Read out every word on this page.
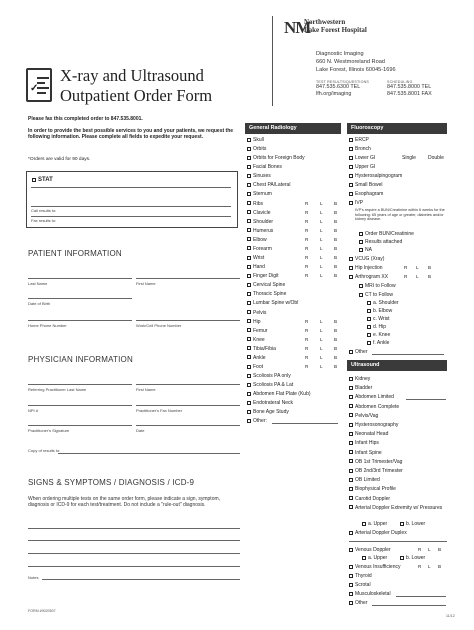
✓
X-ray and Ultrasound
Outpatient Order Form
NM
Northwestern
Lake Forest Hospital
Diagnostic Imaging
660 N. Westmoreland Road
Lake Forest, Illinois 60045-1696
TEST RESULTS/QUESTIONS
847.535.6300 TEL
lfh.org/imaging
SCHEDULING
847.535.8000 TEL
847.535.8001 FAX
Please fax this completed order to 847.535.8001.
In order to provide the best possible services to you and your patients, we request the following information. Please complete all fields to expedite your request.
*Orders are valid for 90 days.
STAT
Call results to:
Fax results to:
PATIENT INFORMATION
Last Name	First Name
Date of Birth
Home Phone Number	Work/Cell Phone Number
PHYSICIAN INFORMATION
Referring Practitioner Last Name	First Name
NPI #	Practitioner's Fax Number
Practitioner's Signature	Date
Copy of results to:
SIGNS & SYMPTOMS / DIAGNOSIS / ICD-9
When ordering multiple tests on the same order form, please indicate a sign, symptom, diagnosis or ICD-9 for each test/treatment. Do not include a "rule-out" diagnosis.
Notes
FORM #9020507
11/12
General Radiology
Skull
Orbits
Orbits for Foreign Body
Facial Bones
Sinuses
Chest PA/Lateral
Sternum
Ribs	R	L B
Clavicle	R	L B
Shoulder	R	L B
Humerus	R	L B
Elbow	R	L B
Forearm	R	L B
Wrist	R	L B
Hand	R	L B
Finger Digit	R	L B
Cervical Spine
Thoracic Spine
Lumbar Spine w/Obl
Pelvis
Hip	R	L B
Femur	R	L B
Knee	R	L B
Tibia/Fibia	R	L B
Ankle	R	L B
Foot	R	L B
Scoliosis PA only
Scoliosis PA & Lat
Abdomen Flat Plate (Kub)
Endotrateral Neck
Bone Age Study
Other:
Fluoroscopy
ERCP
Bronch
Lower GI	Single Double
Upper GI
Hysterosalpingogram
Small Bowel
Esophagram
IVP
IVP's require a BUN/Creatinine within 6 weeks for the following: 65 years of age or greater, diabetes and/or kidney disease.
Order BUN/Creatinine
Results attached
NA
VCUG (Xray)
Hip Injection	R L B
Arthrogram XX	R L B
MRI to Follow
CT to Follow
a. Shoulder
b. Elbow
c. Wrist
d. Hip
e. Knee
f. Ankle
Other
Ultrasound
Kidney
Bladder
Abdomen Limited
Abdomen Complete
Pelvis/Vag
Hysterosonography
Neonatal Head
Infant Hips
Infant Spine
OB 1st Trimester/Vag
OB 2nd/3rd Trimester
OB Limited
Biophysical Profile
Carotid Doppler
Arterial Doppler Extremity w/ Pressures
a. Upper	b. Lower
Arterial Doppler Duplex
Venous Doppler	R L B
a. Upper	b. Lower
Venous Insufficiency	R L B
Thyroid
Scrotal
Musculoskeletal
Other
